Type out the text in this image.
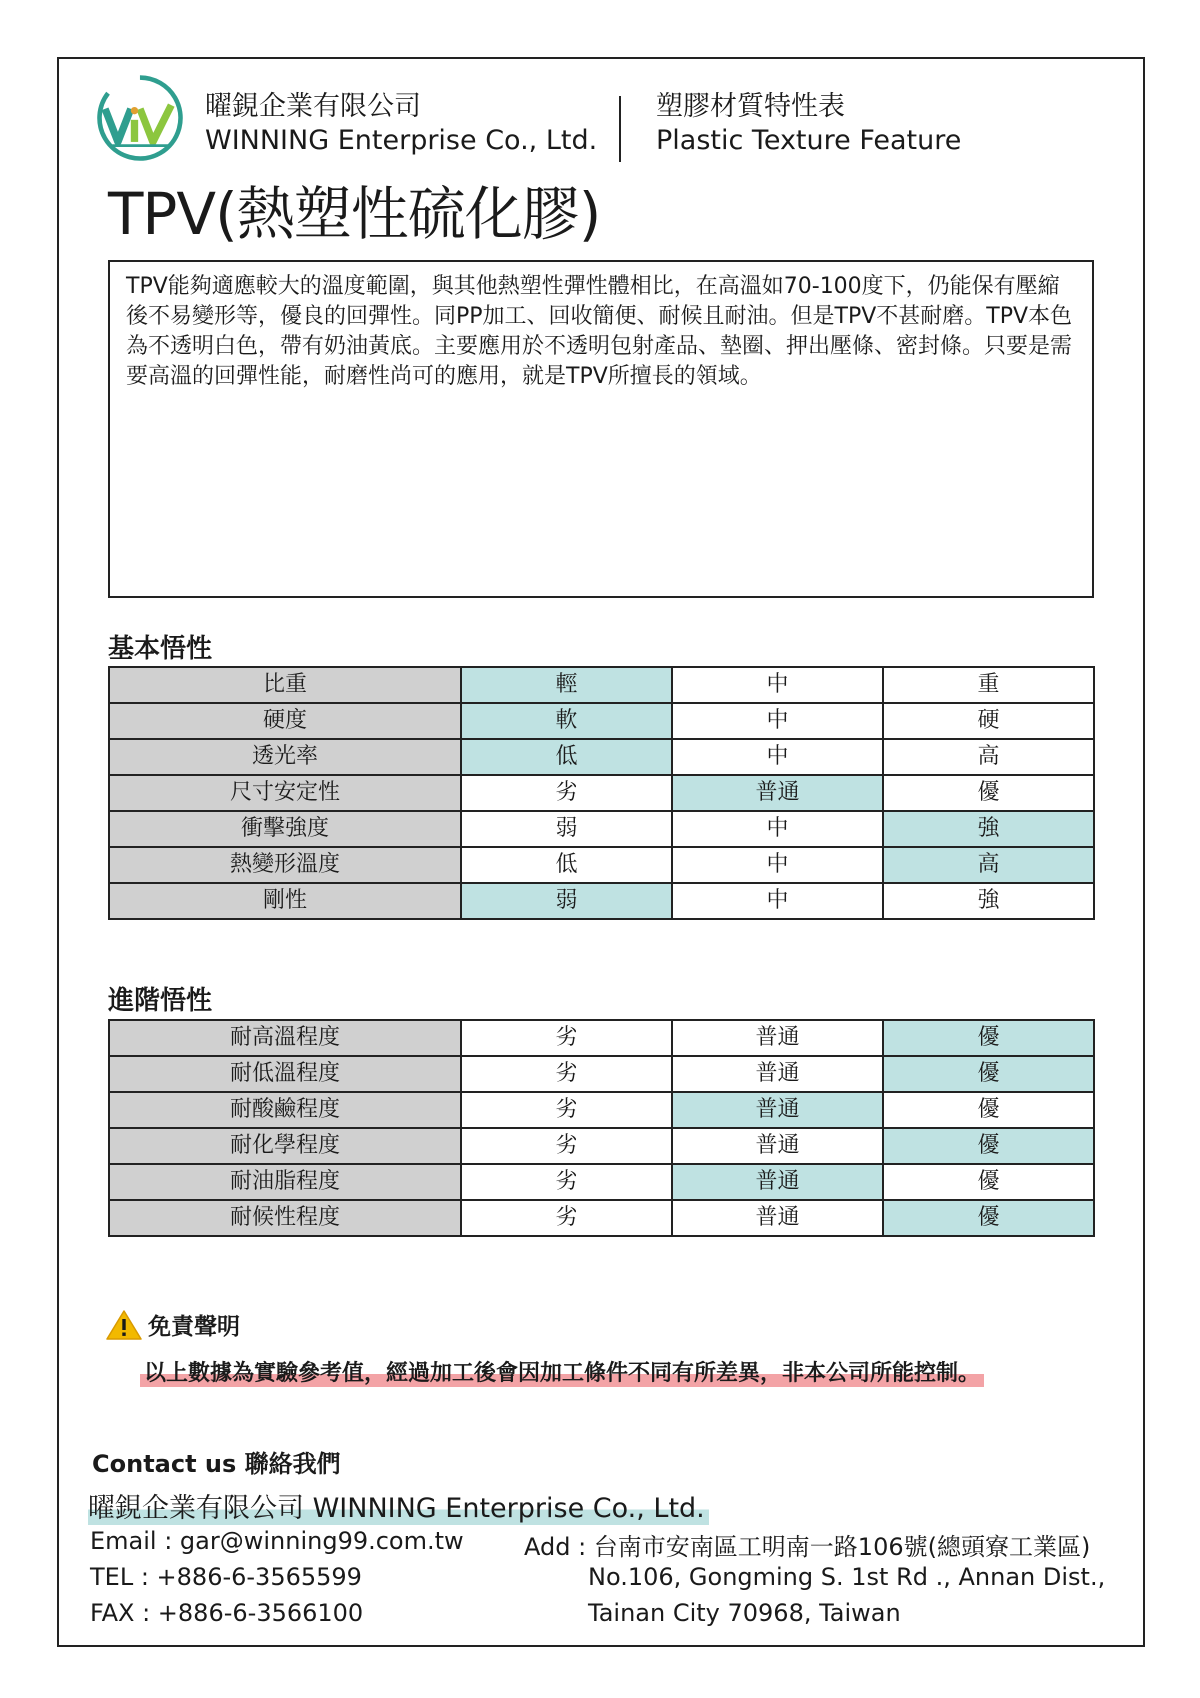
曜鋧企業有限公司
WINNING Enterprise Co., Ltd.
塑膠材質特性表
Plastic Texture Feature
TPV(熱塑性硫化膠)
TPV能夠適應較大的溫度範圍，與其他熱塑性彈性體相比，在高溫如70-100度下，仍能保有壓縮後不易變形等，優良的回彈性。同PP加工、回收簡便、耐候且耐油。但是TPV不甚耐磨。TPV本色為不透明白色，帶有奶油黃底。主要應用於不透明包射產品、墊圈、押出壓條、密封條。只要是需要高溫的回彈性能，耐磨性尚可的應用，就是TPV所擅長的領域。
基本悟性
比重	輕	中	重
硬度	軟	中	硬
透光率	低	中	高
尺寸安定性	劣	普通	優
衝擊強度	弱	中	強
熱變形溫度	低	中	高
剛性	弱	中	強
進階悟性
耐高溫程度	劣	普通	優
耐低溫程度	劣	普通	優
耐酸鹼程度	劣	普通	優
耐化學程度	劣	普通	優
耐油脂程度	劣	普通	優
耐候性程度	劣	普通	優
免責聲明
以上數據為實驗參考值，經過加工後會因加工條件不同有所差異，非本公司所能控制。
Contact us 聯絡我們
曜鋧企業有限公司 WINNING Enterprise Co., Ltd.
Email : gar@winning99.com.tw
TEL : +886-6-3565599
FAX : +886-6-3566100
Add : 台南市安南區工明南一路106號(總頭寮工業區)
No.106, Gongming S. 1st Rd ., Annan Dist.,
Tainan City 70968, Taiwan
